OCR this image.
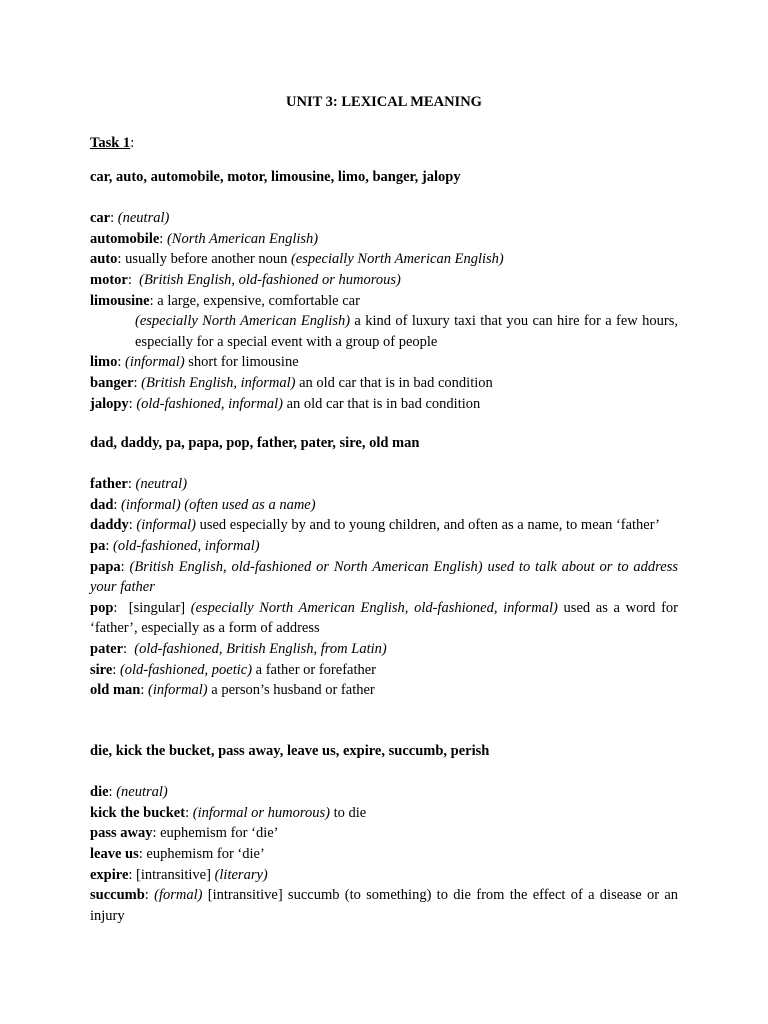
UNIT 3: LEXICAL MEANING
Task 1:
car, auto, automobile, motor, limousine, limo, banger, jalopy
car: (neutral)
automobile: (North American English)
auto: usually before another noun (especially North American English)
motor:  (British English, old-fashioned or humorous)
limousine: a large, expensive, comfortable car
(especially North American English) a kind of luxury taxi that you can hire for a few hours, especially for a special event with a group of people
limo: (informal) short for limousine
banger: (British English, informal) an old car that is in bad condition
jalopy: (old-fashioned, informal) an old car that is in bad condition
dad, daddy, pa, papa, pop, father, pater, sire, old man
father: (neutral)
dad: (informal) (often used as a name)
daddy: (informal) used especially by and to young children, and often as a name, to mean ‘father’
pa: (old-fashioned, informal)
papa: (British English, old-fashioned or North American English) used to talk about or to address your father
pop:  [singular] (especially North American English, old-fashioned, informal) used as a word for ‘father’, especially as a form of address
pater:  (old-fashioned, British English, from Latin)
sire: (old-fashioned, poetic) a father or forefather
old man: (informal) a person’s husband or father
die, kick the bucket, pass away, leave us, expire, succumb, perish
die: (neutral)
kick the bucket: (informal or humorous) to die
pass away: euphemism for ‘die’
leave us: euphemism for ‘die’
expire: [intransitive] (literary)
succumb: (formal) [intransitive] succumb (to something) to die from the effect of a disease or an injury
